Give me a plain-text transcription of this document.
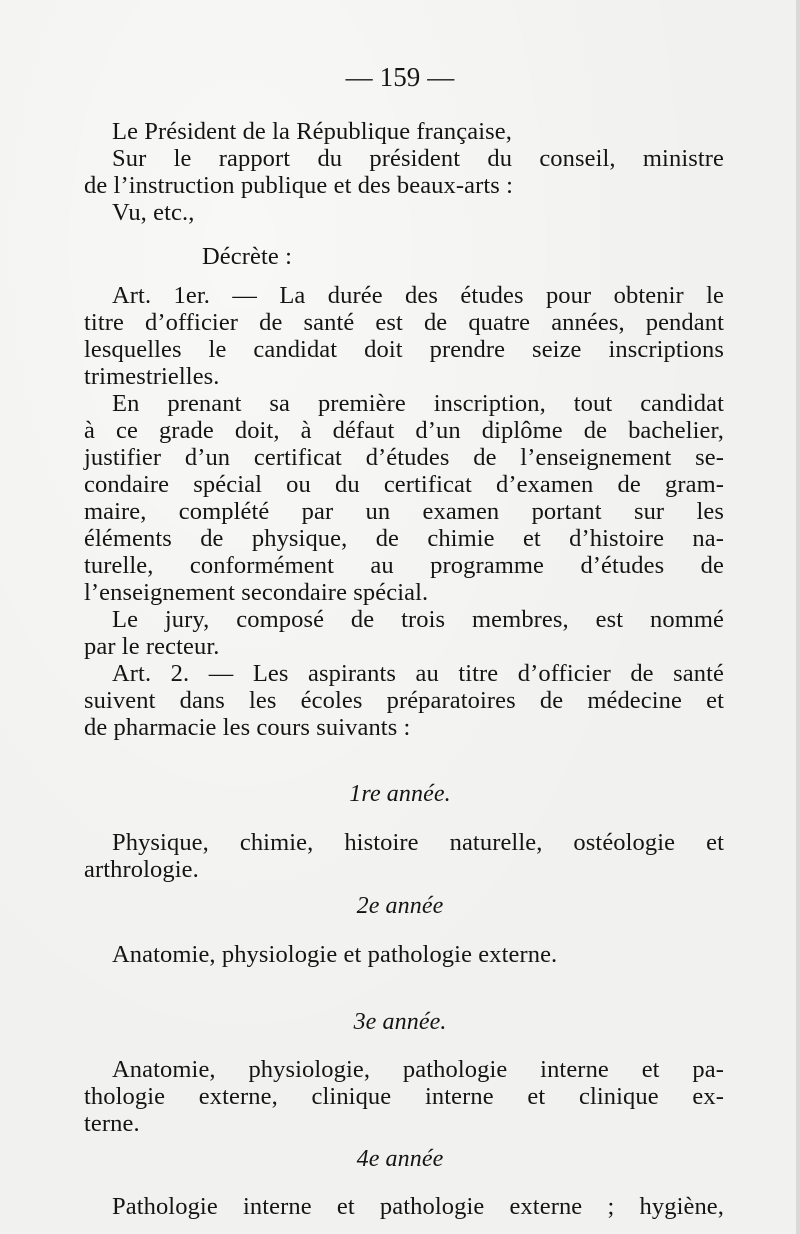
— 159 —
Le Président de la République française,
Sur le rapport du président du conseil, ministre
de l’instruction publique et des beaux-arts :
Vu, etc.,
Décrète :
Art. 1er. — La durée des études pour obtenir le
titre d’officier de santé est de quatre années, pendant
lesquelles le candidat doit prendre seize inscriptions
trimestrielles.
En prenant sa première inscription, tout candidat
à ce grade doit, à défaut d’un diplôme de bachelier,
justifier d’un certificat d’études de l’enseignement se-
condaire spécial ou du certificat d’examen de gram-
maire, complété par un examen portant sur les
éléments de physique, de chimie et d’histoire na-
turelle, conformément au programme d’études de
l’enseignement secondaire spécial.
Le jury, composé de trois membres, est nommé
par le recteur.
Art. 2. — Les aspirants au titre d’officier de santé
suivent dans les écoles préparatoires de médecine et
de pharmacie les cours suivants :
1re année.
Physique, chimie, histoire naturelle, ostéologie et
arthrologie.
2e année
Anatomie, physiologie et pathologie externe.
3e année.
Anatomie, physiologie, pathologie interne et pa-
thologie externe, clinique interne et clinique ex-
terne.
4e année
Pathologie interne et pathologie externe ; hygiène,
